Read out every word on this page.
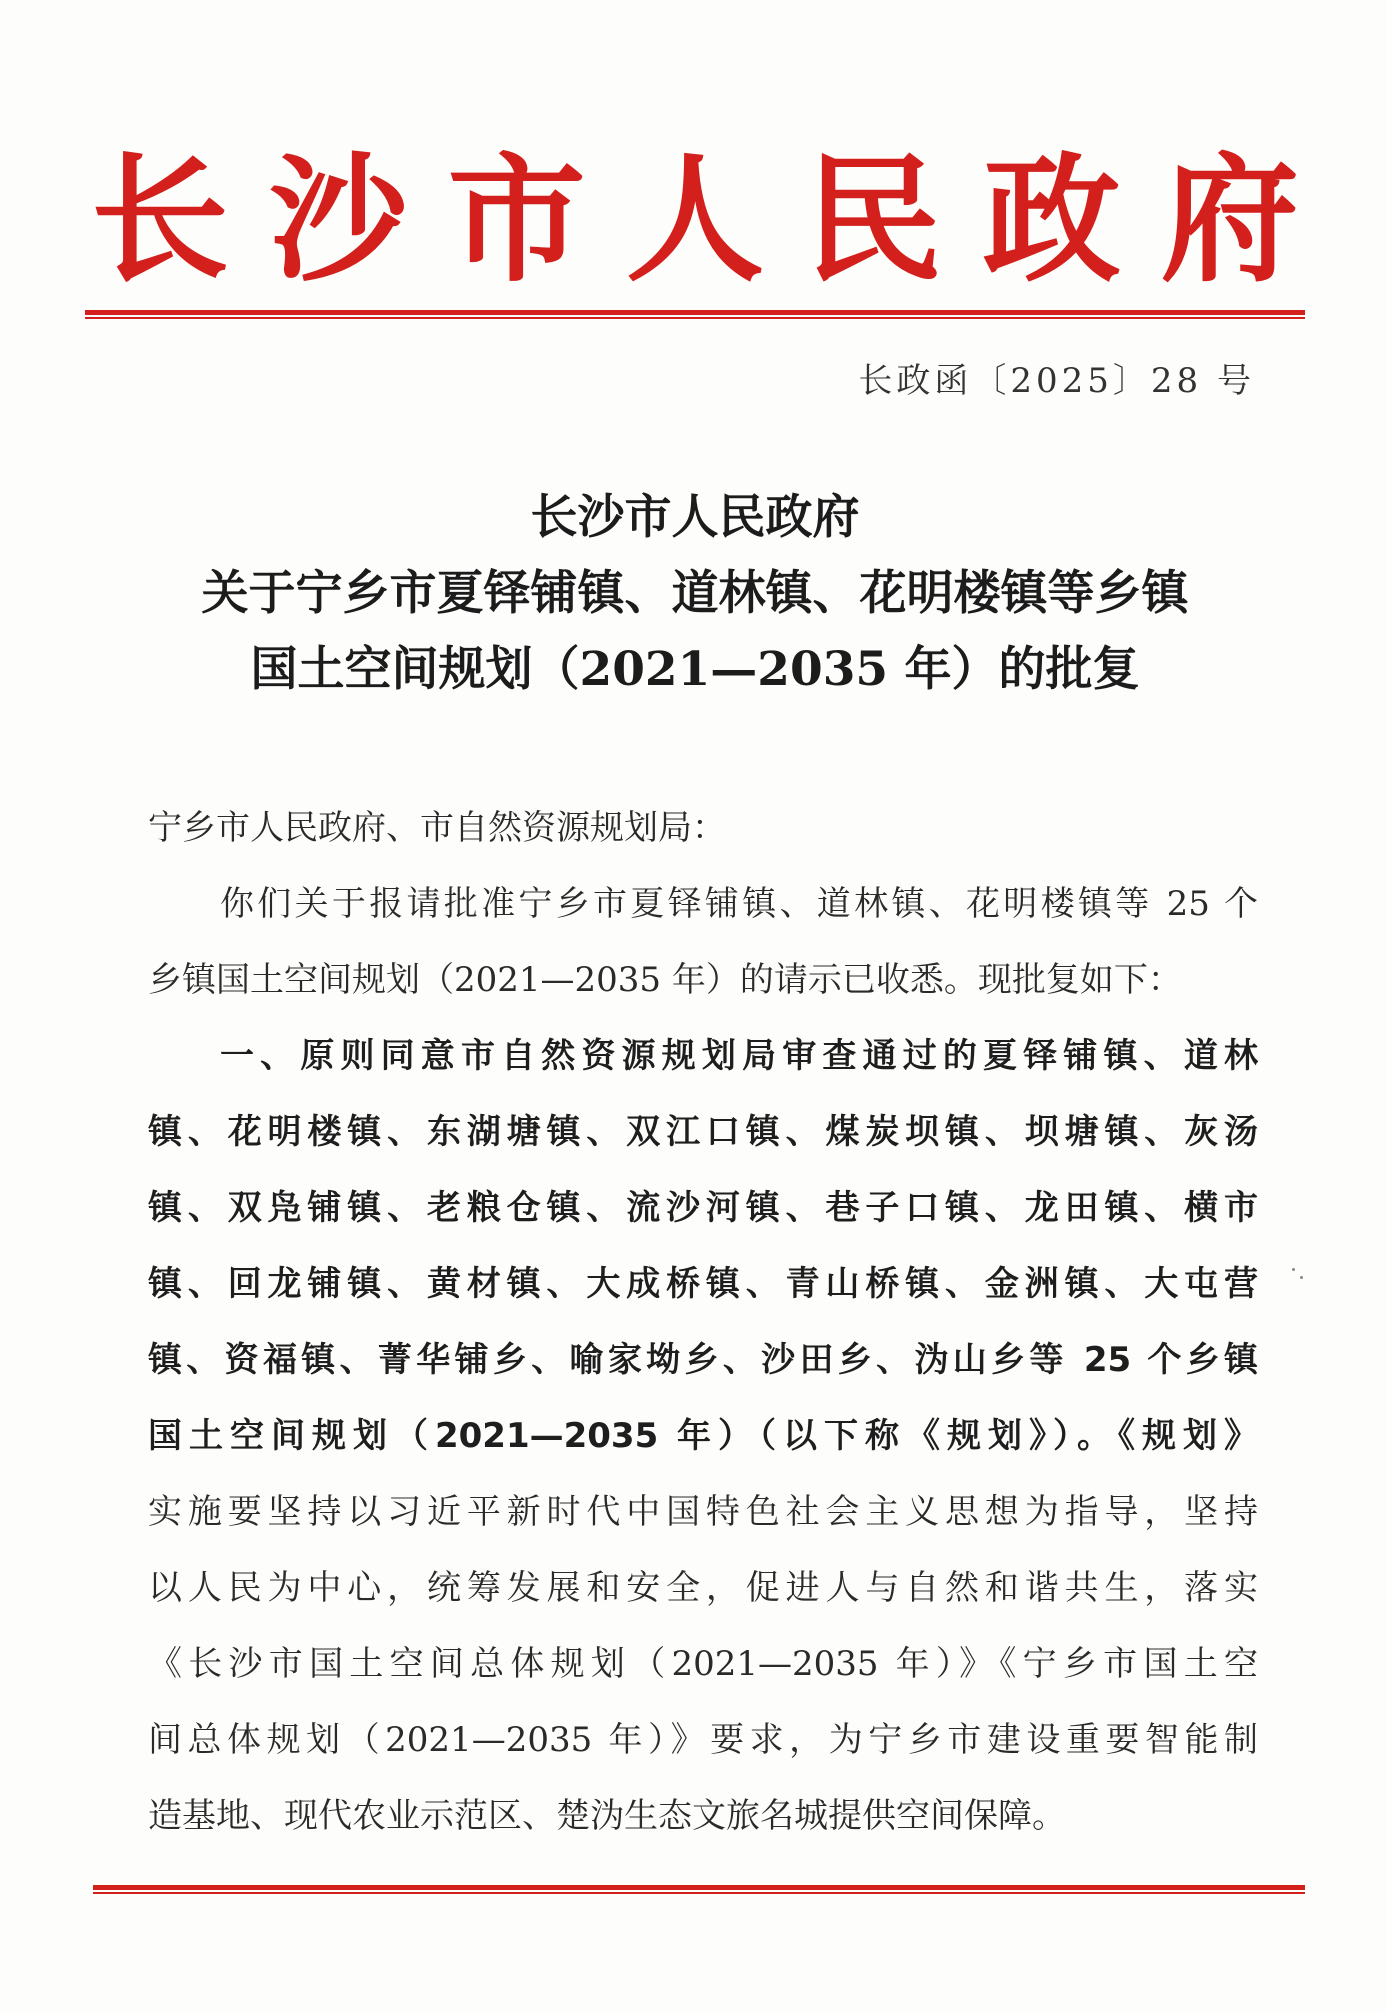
长 沙 市 人 民 政 府
长政函〔2025〕28 号
长沙市人民政府
关于宁乡市夏铎铺镇、道林镇、花明楼镇等乡镇
国土空间规划（2021—2035 年）的批复
宁乡市人民政府、市自然资源规划局：
你们关于报请批准宁乡市夏铎铺镇、道林镇、花明楼镇等 25 个
乡镇国土空间规划（2021—2035 年）的请示已收悉。现批复如下：
一、原则同意市自然资源规划局审查通过的夏铎铺镇、道林
镇、花明楼镇、东湖塘镇、双江口镇、煤炭坝镇、坝塘镇、灰汤
镇、双凫铺镇、老粮仓镇、流沙河镇、巷子口镇、龙田镇、横市
镇、回龙铺镇、黄材镇、大成桥镇、青山桥镇、金洲镇、大屯营
镇、资福镇、菁华铺乡、喻家坳乡、沙田乡、沩山乡等 25 个乡镇
国土空间规划（2021—2035 年）（以下称《规划》）。《规划》
实施要坚持以习近平新时代中国特色社会主义思想为指导，坚持
以人民为中心，统筹发展和安全，促进人与自然和谐共生，落实
《长沙市国土空间总体规划（2021—2035 年）》《宁乡市国土空
间总体规划（2021—2035 年）》要求，为宁乡市建设重要智能制
造基地、现代农业示范区、楚沩生态文旅名城提供空间保障。
